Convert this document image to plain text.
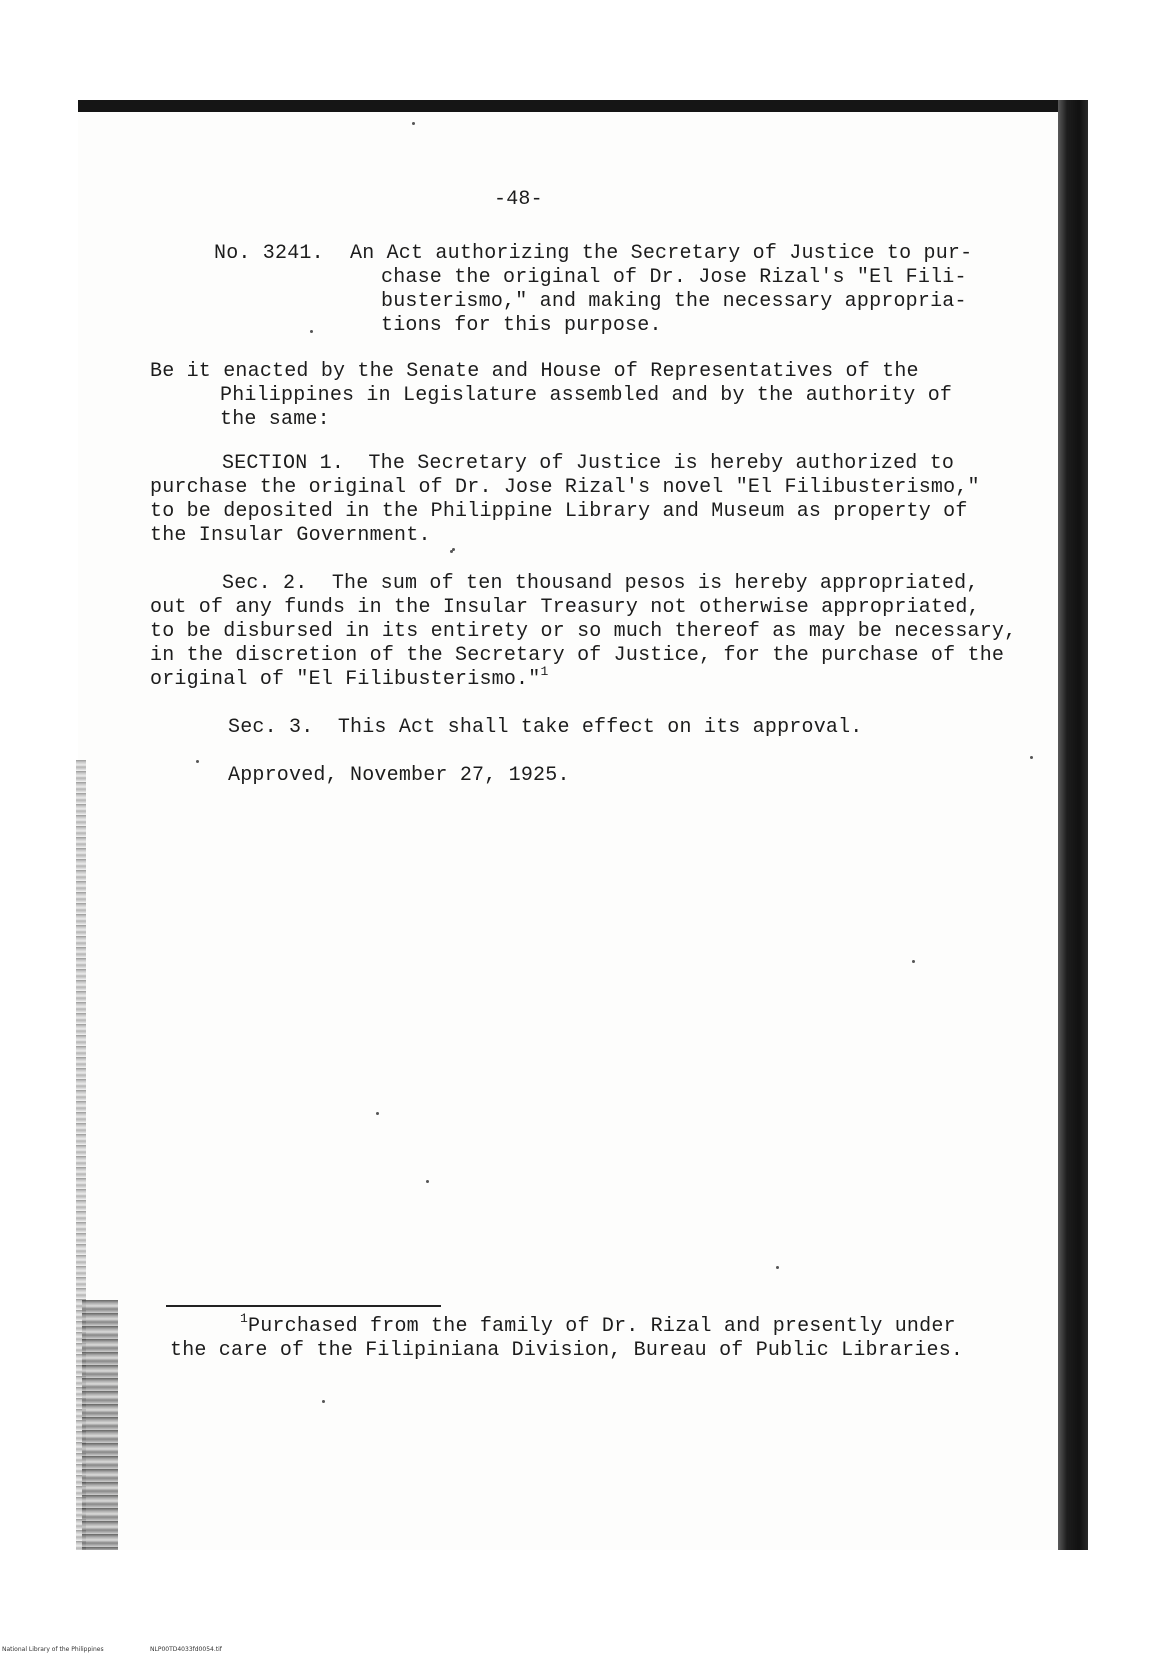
-48-
No. 3241. An Act authorizing the Secretary of Justice to pur-
chase the original of Dr. Jose Rizal's "El Fili-
busterismo," and making the necessary appropria-
tions for this purpose.
Be it enacted by the Senate and House of Representatives of the
Philippines in Legislature assembled and by the authority of
the same:
SECTION 1.  The Secretary of Justice is hereby authorized to
purchase the original of Dr. Jose Rizal's novel "El Filibusterismo,"
to be deposited in the Philippine Library and Museum as property of
the Insular Government.
Sec. 2.  The sum of ten thousand pesos is hereby appropriated,
out of any funds in the Insular Treasury not otherwise appropriated,
to be disbursed in its entirety or so much thereof as may be necessary,
in the discretion of the Secretary of Justice, for the purchase of the
original of "El Filibusterismo."$^1$
Sec. 3.  This Act shall take effect on its approval.
Approved, November 27, 1925.
$^1$Purchased from the family of Dr. Rizal and presently under
the care of the Filipiniana Division, Bureau of Public Libraries.
National Library of the Philippines	NLP00TD4033fd0054.tif
